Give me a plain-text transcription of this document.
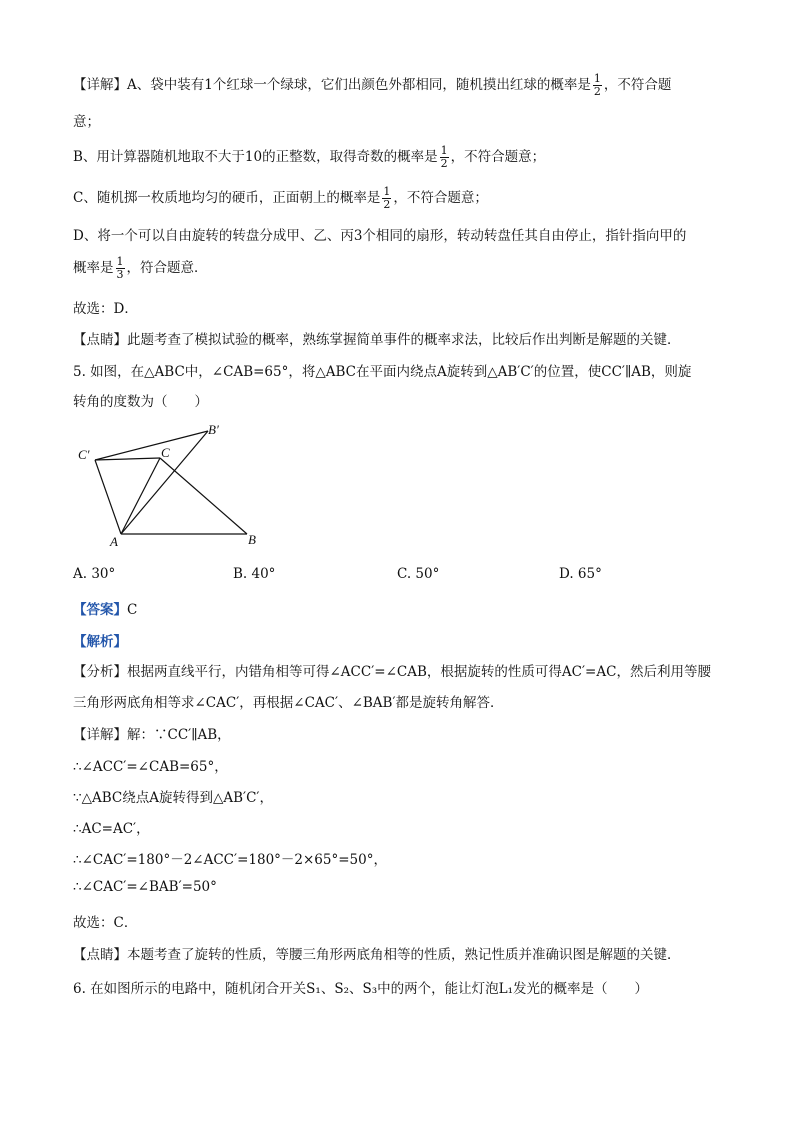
【详解】A、袋中装有1个红球一个绿球，它们出颜色外都相同，随机摸出红球的概率是 $\frac{1}{2}$ ，不符合题
意；
B、用计算器随机地取不大于10的正整数，取得奇数的概率是 $\frac{1}{2}$ ，不符合题意；
C、随机掷一枚质地均匀的硬币，正面朝上的概率是 $\frac{1}{2}$ ，不符合题意；
D、将一个可以自由旋转的转盘分成甲、乙、丙3个相同的扇形，转动转盘任其自由停止，指针指向甲的
概率是 $\frac{1}{3}$ ，符合题意．
故选：D．
【点睛】此题考查了模拟试验的概率，熟练掌握简单事件的概率求法，比较后作出判断是解题的关键．
5. 如图，在△ABC中，∠CAB=65°，将△ABC在平面内绕点A旋转到△AB′C′的位置，使CC′∥AB，则旋
转角的度数为（　　）
C′	C
B′
A	B
A. 30°	B. 40°	C. 50°	D. 65°
【答案】C
【解析】
【分析】根据两直线平行，内错角相等可得∠ACC′=∠CAB，根据旋转的性质可得AC′=AC，然后利用等腰
三角形两底角相等求∠CAC′，再根据∠CAC′、∠BAB′都是旋转角解答．
【详解】解：∵CC′∥AB，
∴∠ACC′=∠CAB=65°，
∵△ABC绕点A旋转得到△AB′C′，
∴AC=AC′，
∴∠CAC′=180°－2∠ACC′=180°－2×65°=50°，
∴∠CAC′=∠BAB′=50°
故选：C．
【点睛】本题考查了旋转的性质，等腰三角形两底角相等的性质，熟记性质并准确识图是解题的关键．
6. 在如图所示的电路中，随机闭合开关S₁、S₂、S₃中的两个，能让灯泡L₁发光的概率是（　　）
